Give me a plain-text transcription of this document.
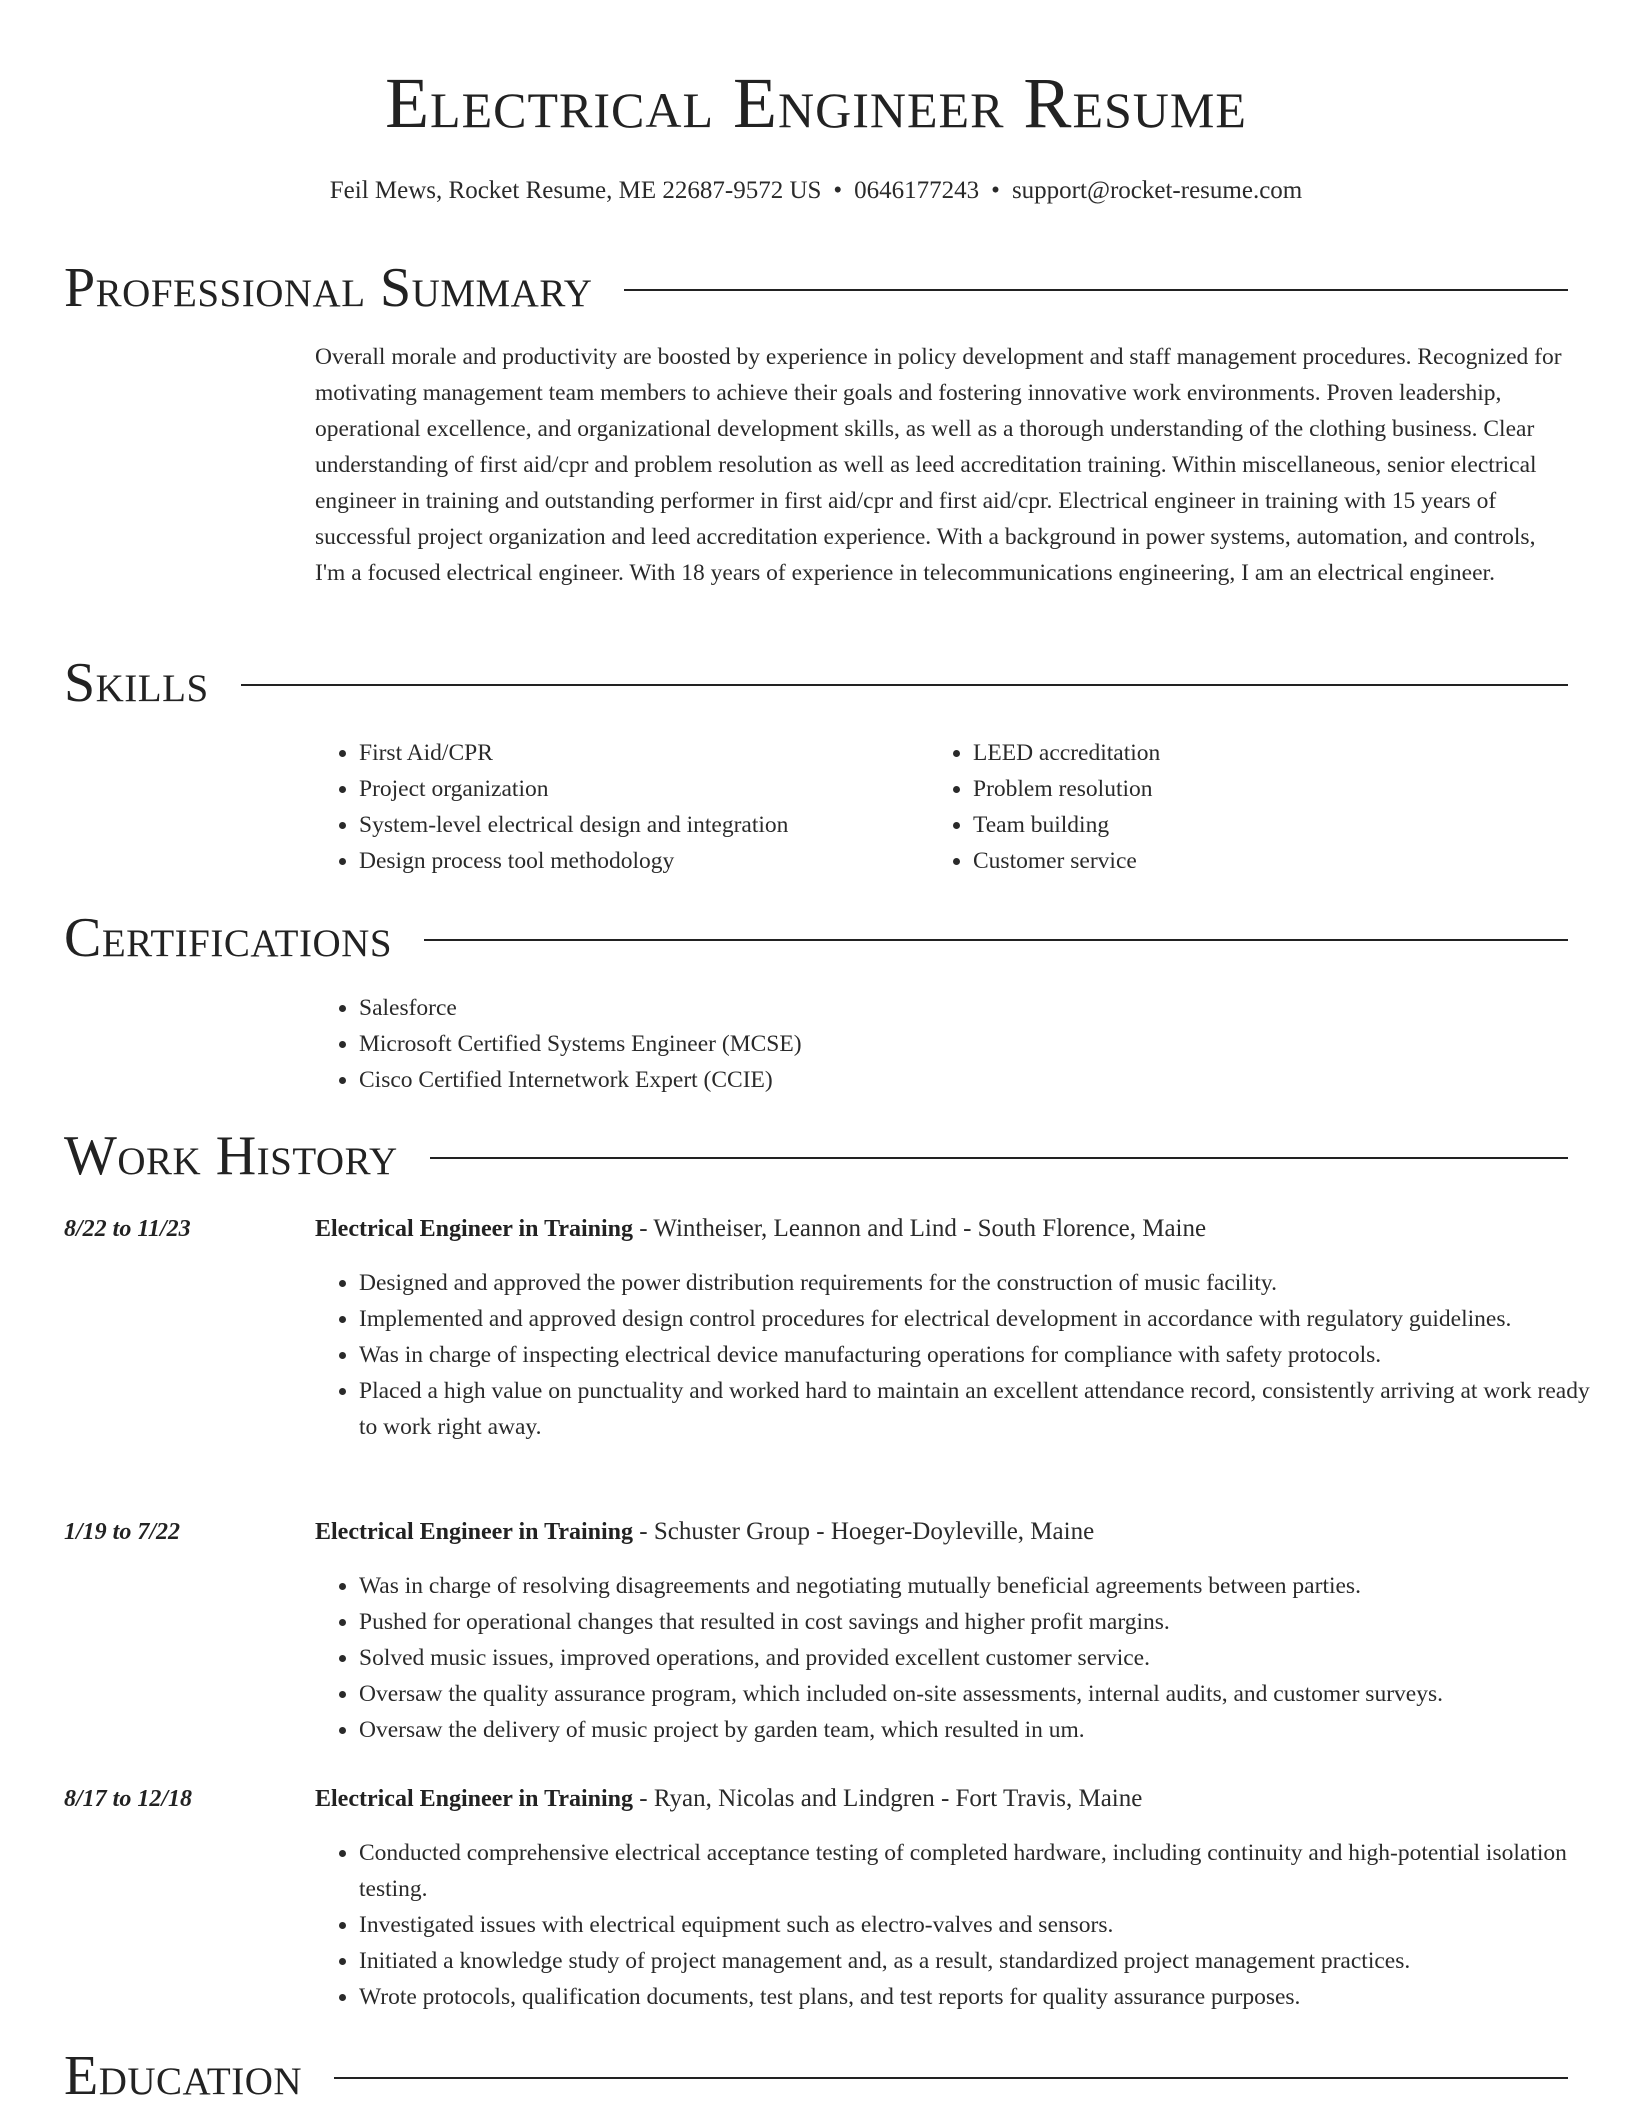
Electrical Engineer Resume
Feil Mews, Rocket Resume, ME 22687-9572 US • 0646177243 • support@rocket-resume.com
Professional Summary

Overall morale and productivity are boosted by experience in policy development and staff management procedures. Recognized for motivating management team members to achieve their goals and fostering innovative work environments. Proven leadership, operational excellence, and organizational development skills, as well as a thorough understanding of the clothing business. Clear understanding of first aid/cpr and problem resolution as well as leed accreditation training. Within miscellaneous, senior electrical engineer in training and outstanding performer in first aid/cpr and first aid/cpr. Electrical engineer in training with 15 years of successful project organization and leed accreditation experience. With a background in power systems, automation, and controls, I'm a focused electrical engineer. With 18 years of experience in telecommunications engineering, I am an electrical engineer.

Skills
• First Aid/CPR
• Project organization
• System-level electrical design and integration
• Design process tool methodology
• LEED accreditation
• Problem resolution
• Team building
• Customer service
Certifications
• Salesforce
• Microsoft Certified Systems Engineer (MCSE)
• Cisco Certified Internetwork Expert (CCIE)
Work History
8/22 to 11/23	Electrical Engineer in Training - Wintheiser, Leannon and Lind - South Florence, Maine
• Designed and approved the power distribution requirements for the construction of music facility.
• Implemented and approved design control procedures for electrical development in accordance with regulatory guidelines.
• Was in charge of inspecting electrical device manufacturing operations for compliance with safety protocols.
• Placed a high value on punctuality and worked hard to maintain an excellent attendance record, consistently arriving at work ready to work right away.
1/19 to 7/22	Electrical Engineer in Training - Schuster Group - Hoeger-Doyleville, Maine
• Was in charge of resolving disagreements and negotiating mutually beneficial agreements between parties.
• Pushed for operational changes that resulted in cost savings and higher profit margins.
• Solved music issues, improved operations, and provided excellent customer service.
• Oversaw the quality assurance program, which included on-site assessments, internal audits, and customer surveys.
• Oversaw the delivery of music project by garden team, which resulted in um.
8/17 to 12/18	Electrical Engineer in Training - Ryan, Nicolas and Lindgren - Fort Travis, Maine
• Conducted comprehensive electrical acceptance testing of completed hardware, including continuity and high-potential isolation testing.
• Investigated issues with electrical equipment such as electro-valves and sensors.
• Initiated a knowledge study of project management and, as a result, standardized project management practices.
• Wrote protocols, qualification documents, test plans, and test reports for quality assurance purposes.
Education
